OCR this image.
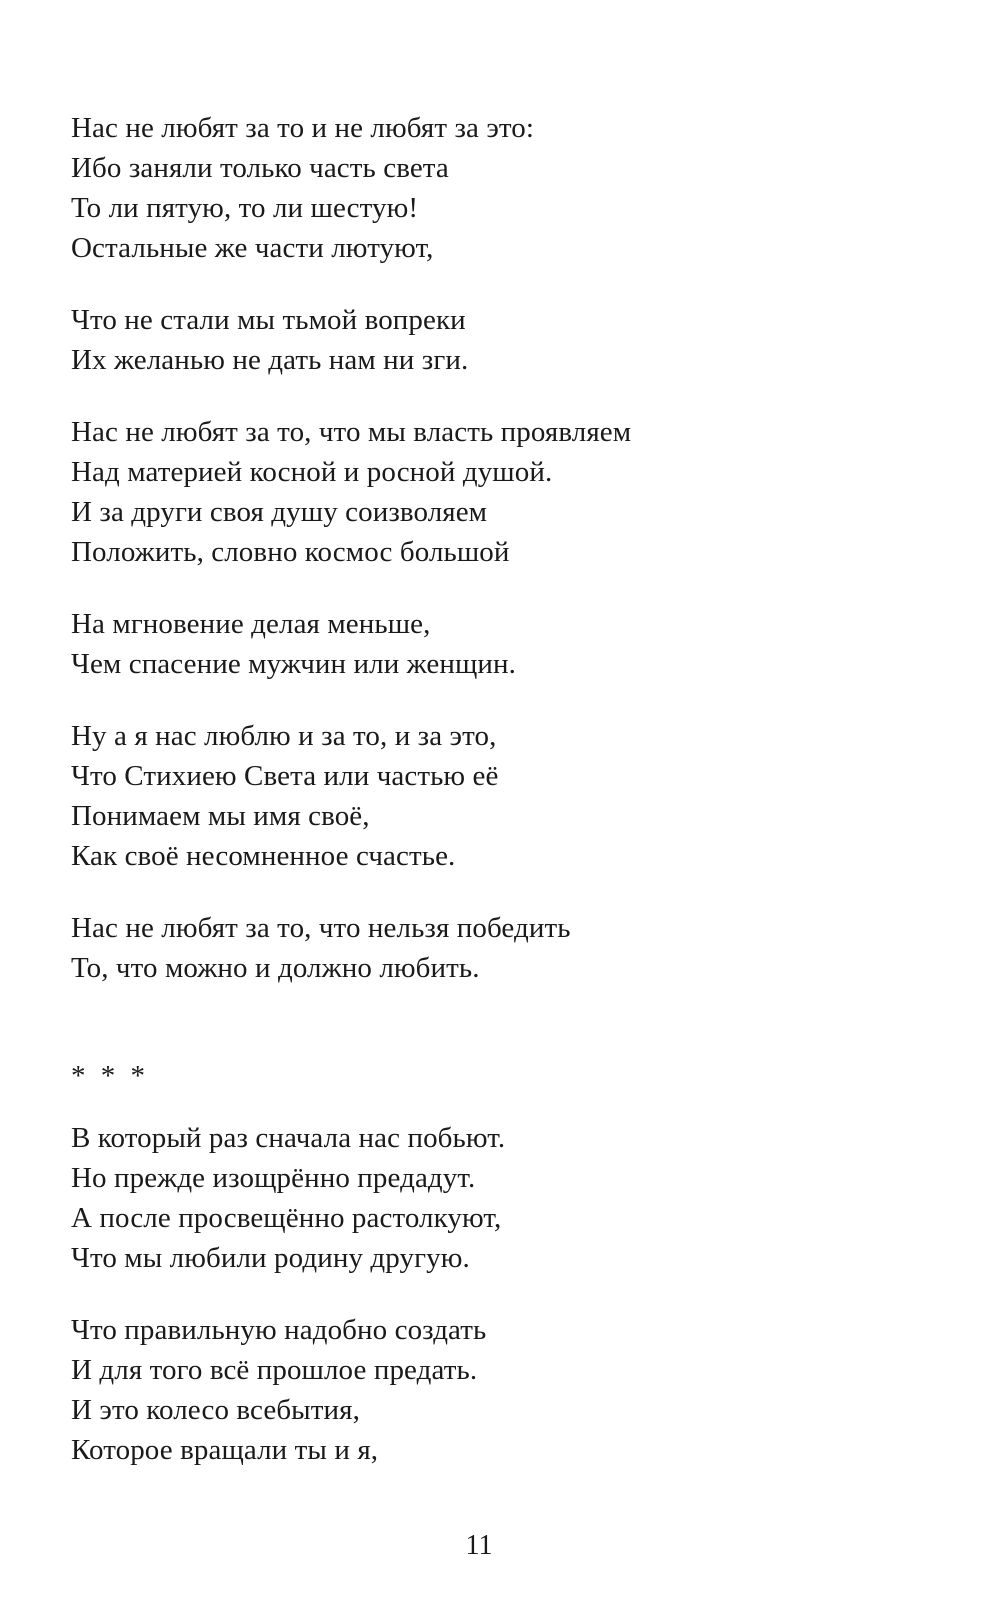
Нас не любят за то и не любят за это:
Ибо заняли только часть света
То ли пятую, то ли шестую!
Остальные же части лютуют,
Что не стали мы тьмой вопреки
Их желанью не дать нам ни зги.
Нас не любят за то, что мы власть проявляем
Над материей косной и росной душой.
И за други своя душу соизволяем
Положить, словно космос большой
На мгновение делая меньше,
Чем спасение мужчин или женщин.
Ну а я нас люблю и за то, и за это,
Что Стихиею Света или частью её
Понимаем мы имя своё,
Как своё несомненное счастье.
Нас не любят за то, что нельзя победить
То, что можно и должно любить.
* * *
В который раз сначала нас побьют.
Но прежде изощрённо предадут.
А после просвещённо растолкуют,
Что мы любили родину другую.
Что правильную надобно создать
И для того всё прошлое предать.
И это колесо всебытия,
Которое вращали ты и я,
11
